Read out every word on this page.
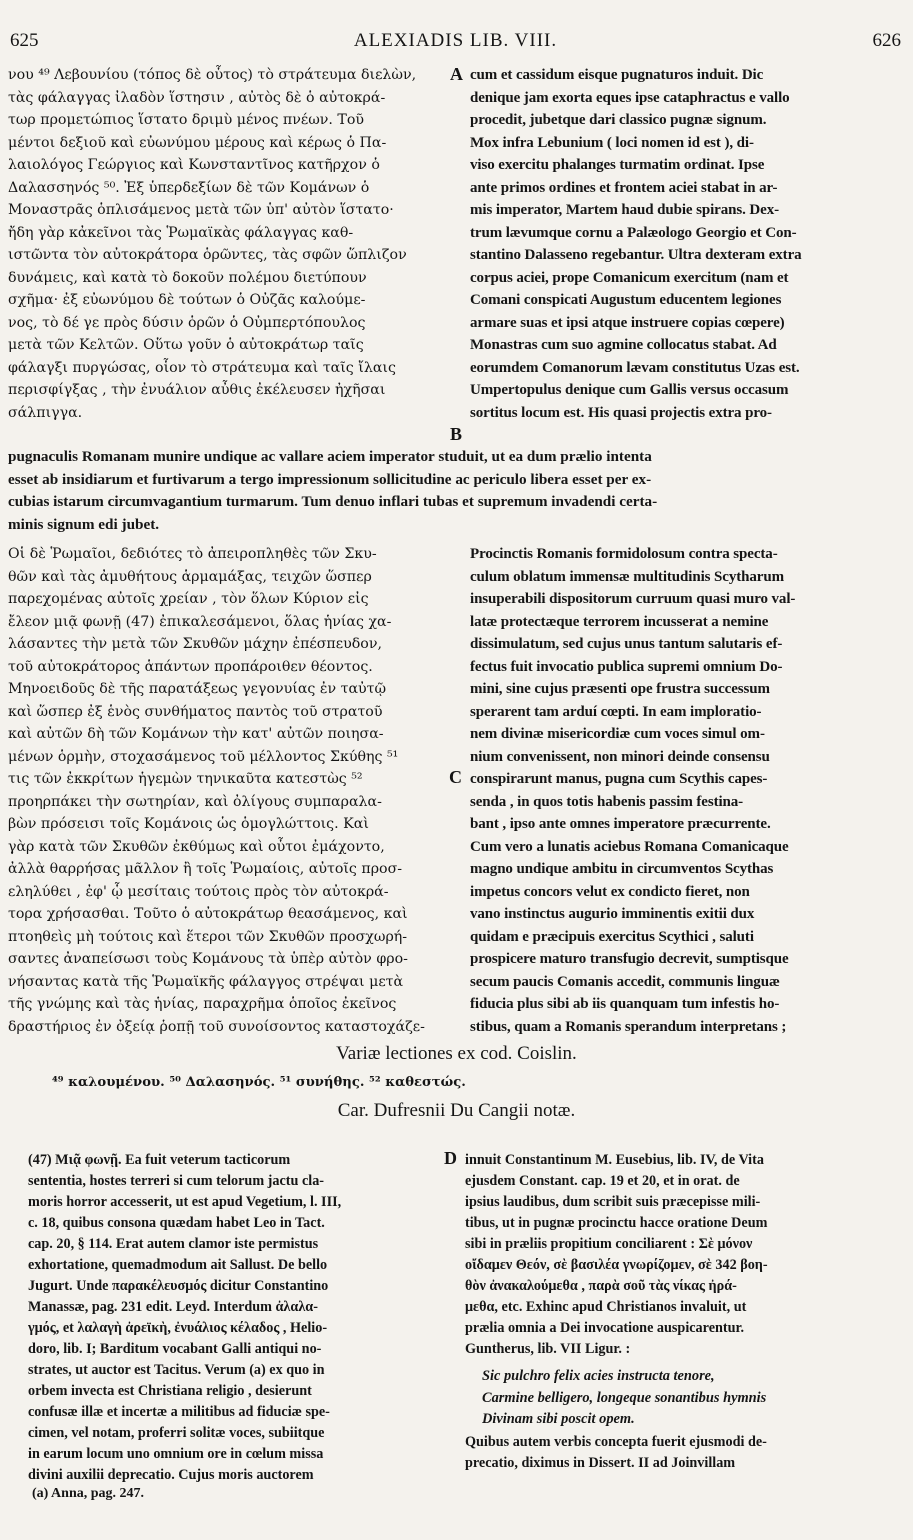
625	ALEXIADIS LIB. VIII.	626
νου ⁴⁹ Λεβουνίου (τόπος δὲ οὗτος) τὸ στράτευμα διελὼν,
τὰς φάλαγγας ἰλαδὸν ἵστησιν , αὐτὸς δὲ ὁ αὐτοκρά-
τωρ προμετώπιος ἵστατο δριμὺ μένος πνέων. Τοῦ
μέντοι δεξιοῦ καὶ εὐωνύμου μέρους καὶ κέρως ὁ Πα-
λαιολόγος Γεώργιος καὶ Κωνσταντῖνος κατῆρχον ὁ
Δαλασσηνός ⁵⁰. Ἐξ ὑπερδεξίων δὲ τῶν Κομάνων ὁ
Μοναστρᾶς ὁπλισάμενος μετὰ τῶν ὑπ' αὐτὸν ἵστατο·
ἤδη γὰρ κἀκεῖνοι τὰς Ῥωμαϊκὰς φάλαγγας καθ-
ιστῶντα τὸν αὐτοκράτορα ὁρῶντες, τὰς σφῶν ὥπλιζον
δυνάμεις, καὶ κατὰ τὸ δοκοῦν πολέμου διετύπουν
σχῆμα· ἐξ εὐωνύμου δὲ τούτων ὁ Οὐζᾶς καλούμε-
νος, τὸ δέ γε πρὸς δύσιν ὁρῶν ὁ Οὐμπερτόπουλος
μετὰ τῶν Κελτῶν. Οὕτω γοῦν ὁ αὐτοκράτωρ ταῖς
φάλαγξι πυργώσας, οἷον τὸ στράτευμα καὶ ταῖς ἴλαις
περισφίγξας , τὴν ἐνυάλιον αὖθις ἐκέλευσεν ἠχῆσαι
σάλπιγγα.
cum et cassidum eisque pugnaturos induit. Dic
denique jam exorta eques ipse cataphractus e vallo
procedit, jubetque dari classico pugnæ signum.
Mox infra Lebunium ( loci nomen id est ), di-
viso exercitu phalanges turmatim ordinat. Ipse
ante primos ordines et frontem aciei stabat in ar-
mis imperator, Martem haud dubie spirans. Dex-
trum lævumque cornu a Palæologo Georgio et Con-
stantino Dalasseno regebantur. Ultra dexteram extra
corpus aciei, prope Comanicum exercitum (nam et
Comani conspicati Augustum educentem legiones
armare suas et ipsi atque instruere copias cœpere)
Monastras cum suo agmine collocatus stabat. Ad
eorumdem Comanorum lævam constitutus Uzas est.
Umpertopulus denique cum Gallis versus occasum
sortitus locum est. His quasi projectis extra pro-
A
B
pugnaculis Romanam munire undique ac vallare aciem imperator studuit, ut ea dum prælio intenta
esset ab insidiarum et furtivarum a tergo impressionum sollicitudine ac periculo libera esset per ex-
cubias istarum circumvagantium turmarum. Tum denuo inflari tubas et supremum invadendi certa-
minis signum edi jubet.
Οἱ δὲ Ῥωμαῖοι, δεδιότες τὸ ἀπειροπληθὲς τῶν Σκυ-
θῶν καὶ τὰς ἀμυθήτους ἁρμαμάξας, τειχῶν ὥσπερ
παρεχομένας αὐτοῖς χρείαν , τὸν ὅλων Κύριον εἰς
ἔλεον μιᾷ φωνῇ (47) ἐπικαλεσάμενοι, ὅλας ἡνίας χα-
λάσαντες τὴν μετὰ τῶν Σκυθῶν μάχην ἐπέσπευδον,
τοῦ αὐτοκράτορος ἁπάντων προπάροιθεν θέοντος.
Μηνοειδοῦς δὲ τῆς παρατάξεως γεγονυίας ἐν ταὐτῷ
καὶ ὥσπερ ἐξ ἑνὸς συνθήματος παντὸς τοῦ στρατοῦ
καὶ αὐτῶν δὴ τῶν Κομάνων τὴν κατ' αὐτῶν ποιησα-
μένων ὁρμὴν, στοχασάμενος τοῦ μέλλοντος Σκύθης ⁵¹
τις τῶν ἐκκρίτων ἡγεμὼν τηνικαῦτα κατεστὼς ⁵²
προηρπάκει τὴν σωτηρίαν, καὶ ὀλίγους συμπαραλα-
βὼν πρόσεισι τοῖς Κομάνοις ὡς ὁμογλώττοις. Καὶ
γὰρ κατὰ τῶν Σκυθῶν ἐκθύμως καὶ οὗτοι ἐμάχοντο,
ἀλλὰ θαρρήσας μᾶλλον ἢ τοῖς Ῥωμαίοις, αὐτοῖς προσ-
εληλύθει , ἐφ' ᾧ μεσίταις τούτοις πρὸς τὸν αὐτοκρά-
τορα χρήσασθαι. Τοῦτο ὁ αὐτοκράτωρ θεασάμενος, καὶ
πτοηθεὶς μὴ τούτοις καὶ ἕτεροι τῶν Σκυθῶν προσχωρή-
σαντες ἀναπείσωσι τοὺς Κομάνους τὰ ὑπὲρ αὐτὸν φρο-
νήσαντας κατὰ τῆς Ῥωμαϊκῆς φάλαγγος στρέψαι μετὰ
τῆς γνώμης καὶ τὰς ἡνίας, παραχρῆμα ὁποῖος ἐκεῖνος
δραστήριος ἐν ὀξείᾳ ῥοπῇ τοῦ συνοίσοντος καταστοχάζε-
Procinctis Romanis formidolosum contra specta-
culum oblatum immensæ multitudinis Scytharum
insuperabili dispositorum curruum quasi muro val-
latæ protectæque terrorem incusserat a nemine
dissimulatum, sed cujus unus tantum salutaris ef-
fectus fuit invocatio publica supremi omnium Do-
mini, sine cujus præsenti ope frustra successum
sperarent tam arduí cœpti. In eam imploratio-
nem divinæ misericordiæ cum voces simul om-
nium convenissent, non minori deinde consensu
conspirarunt manus, pugna cum Scythis capes-
senda , in quos totis habenis passim festina-
bant , ipso ante omnes imperatore præcurrente.
Cum vero a lunatis aciebus Romana Comanicaque
magno undique ambitu in circumventos Scythas
impetus concors velut ex condicto fieret, non
vano instinctus augurio imminentis exitii dux
quidam e præcipuis exercitus Scythici , saluti
prospicere maturo transfugio decrevit, sumptisque
secum paucis Comanis accedit, communis linguæ
fiducia plus sibi ab iis quanquam tum infestis ho-
stibus, quam a Romanis sperandum interpretans ;
C
Variæ lectiones ex cod. Coislin.
⁴⁹ καλουμένου. ⁵⁰ Δαλασηνός. ⁵¹ συνήθης. ⁵² καθεστώς.
Car. Dufresnii Du Cangii notæ.
D
(47) Μιᾷ φωνῇ. Ea fuit veterum tacticorum
sententia, hostes terreri si cum telorum jactu cla-
moris horror accesserit, ut est apud Vegetium, l. III,
c. 18, quibus consona quædam habet Leo in Tact.
cap. 20, § 114. Erat autem clamor iste permistus
exhortatione, quemadmodum ait Sallust. De bello
Jugurt. Unde παρακέλευσμός dicitur Constantino
Manassæ, pag. 231 edit. Leyd. Interdum ἀλαλα-
γμός, et λαλαγὴ ἀρεϊκὴ, ἐνυάλιος κέλαδος , Helio-
doro, lib. I; Barditum vocabant Galli antiqui no-
strates, ut auctor est Tacitus. Verum (a) ex quo in
orbem invecta est Christiana religio , desierunt
confusæ illæ et incertæ a militibus ad fiduciæ spe-
cimen, vel notam, proferri solitæ voces, subiitque
in earum locum uno omnium ore in cœlum missa
divini auxilii deprecatio. Cujus moris auctorem
innuit Constantinum M. Eusebius, lib. IV, de Vita
ejusdem Constant. cap. 19 et 20, et in orat. de
ipsius laudibus, dum scribit suis præcepisse mili-
tibus, ut in pugnæ procinctu hacce oratione Deum
sibi in præliis propitium conciliarent : Σὲ μόνον
οἴδαμεν Θεόν, σὲ βασιλέα γνωρίζομεν, σὲ 342 βοη-
θὸν ἀνακαλούμεθα , παρὰ σοῦ τὰς νίκας ἠρά-
μεθα, etc. Exhinc apud Christianos invaluit, ut
prælia omnia a Dei invocatione auspicarentur.
Guntherus, lib. VII Ligur. :
Sic pulchro felix acies instructa tenore,
Carmine belligero, longeque sonantibus hymnis
Divinam sibi poscit opem.
Quibus autem verbis concepta fuerit ejusmodi de-
precatio, diximus in Dissert. II ad Joinvillam
(a) Anna, pag. 247.
